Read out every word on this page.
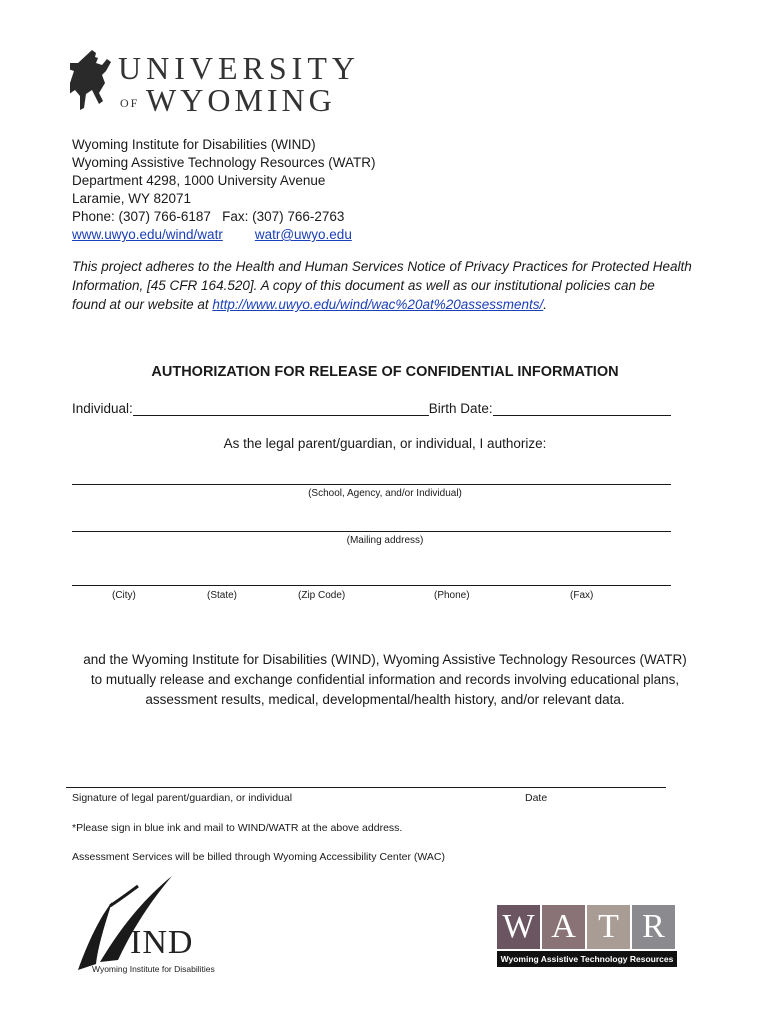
UNIVERSITY
OF WYOMING
Wyoming Institute for Disabilities (WIND)
Wyoming Assistive Technology Resources (WATR)
Department 4298, 1000 University Avenue
Laramie, WY 82071
Phone: (307) 766-6187   Fax: (307) 766-2763
www.uwyo.edu/wind/watr watr@uwyo.edu
This project adheres to the Health and Human Services Notice of Privacy Practices for Protected Health Information, [45 CFR 164.520]. A copy of this document as well as our institutional policies can be found at our website at http://www.uwyo.edu/wind/wac%20at%20assessments/.
AUTHORIZATION FOR RELEASE OF CONFIDENTIAL INFORMATION
Individual:	Birth Date:
As the legal parent/guardian, or individual, I authorize:
(School, Agency, and/or Individual)
(Mailing address)
(City)	(State)	(Zip Code)	(Phone)	(Fax)
and the Wyoming Institute for Disabilities (WIND), Wyoming Assistive Technology Resources (WATR) to mutually release and exchange confidential information and records involving educational plans, assessment results, medical, developmental/health history, and/or relevant data.
Signature of legal parent/guardian, or individual	Date
*Please sign in blue ink and mail to WIND/WATR at the above address.
Assessment Services will be billed through Wyoming Accessibility Center (WAC)
IND
Wyoming Institute for Disabilities
W A T R
Wyoming Assistive Technology Resources
